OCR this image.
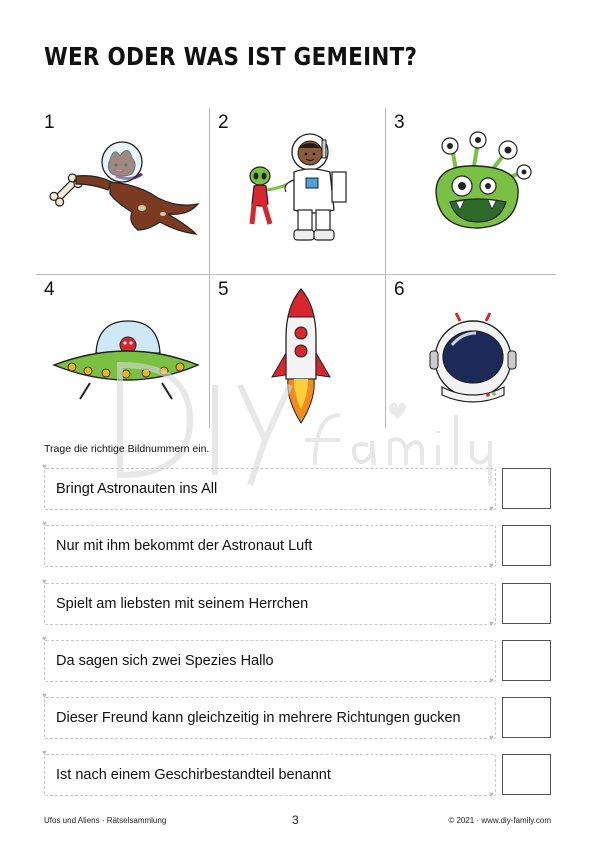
WER ODER WAS IST GEMEINT?
1	2	3
4	5	6
Trage die richtige Bildnummern ein.
♥
♥
Bringt Astronauten ins All
♥
♥
Nur mit ihm bekommt der Astronaut Luft
♥
♥
Spielt am liebsten mit seinem Herrchen
♥
♥
Da sagen sich zwei Spezies Hallo
♥
♥
Dieser Freund kann gleichzeitig in mehrere Richtungen gucken
♥
♥
Ist nach einem Geschirbestandteil benannt
Ufos und Aliens · Rätselsammlung	3	© 2021 · www.diy-family.com
